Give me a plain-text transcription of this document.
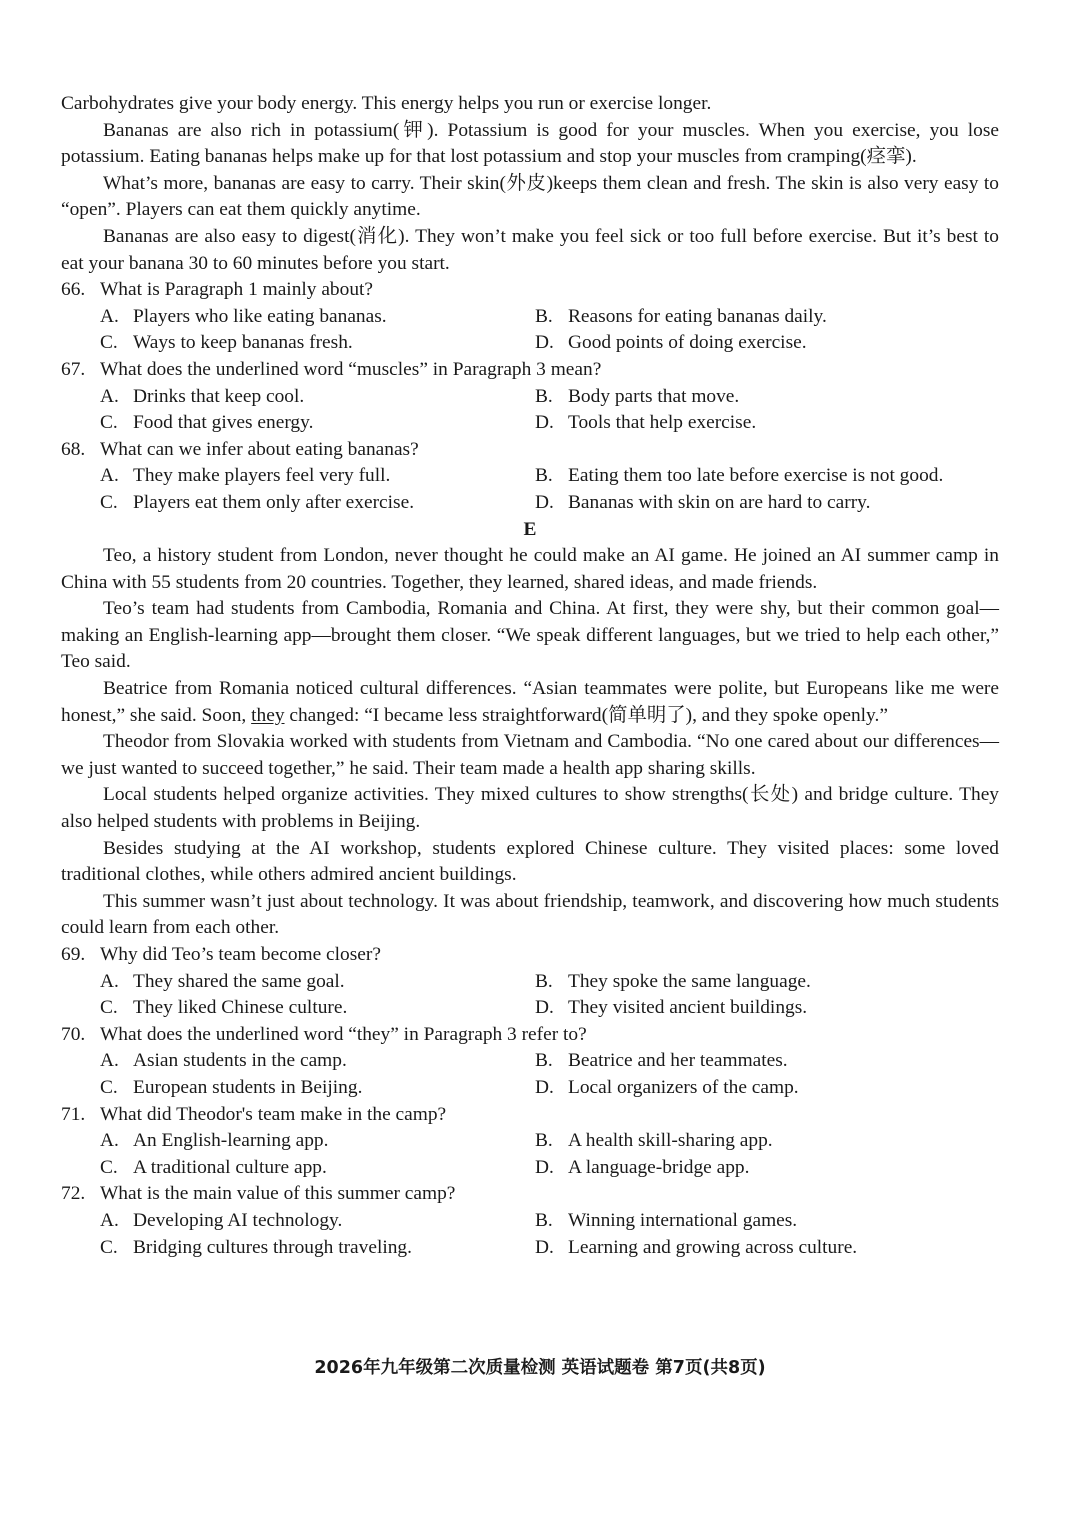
Carbohydrates give your body energy. This energy helps you run or exercise longer.

Bananas are also rich in potassium(钾). Potassium is good for your muscles. When you exercise, you lose potassium. Eating bananas helps make up for that lost potassium and stop your muscles from cramping(痉挛).

What’s more, bananas are easy to carry. Their skin(外皮)keeps them clean and fresh. The skin is also very easy to “open”. Players can eat them quickly anytime.

Bananas are also easy to digest(消化). They won’t make you feel sick or too full before exercise. But it’s best to eat your banana 30 to 60 minutes before you start.

66. What is Paragraph 1 mainly about?

A. Players who like eating bananas.	B. Reasons for eating bananas daily.
C. Ways to keep bananas fresh.	D. Good points of doing exercise.

67. What does the underlined word “muscles” in Paragraph 3 mean?

A. Drinks that keep cool.	B. Body parts that move.
C. Food that gives energy.	D. Tools that help exercise.

68. What can we infer about eating bananas?

A. They make players feel very full.	B. Eating them too late before exercise is not good.
C. Players eat them only after exercise.	D. Bananas with skin on are hard to carry.

E

Teo, a history student from London, never thought he could make an AI game. He joined an AI summer camp in China with 55 students from 20 countries. Together, they learned, shared ideas, and made friends.

Teo’s team had students from Cambodia, Romania and China. At first, they were shy, but their common goal—making an English-learning app—brought them closer. “We speak different languages, but we tried to help each other,” Teo said.

Beatrice from Romania noticed cultural differences. “Asian teammates were polite, but Europeans like me were honest,” she said. Soon, they changed: “I became less straightforward(简单明了), and they spoke openly.”

Theodor from Slovakia worked with students from Vietnam and Cambodia. “No one cared about our differences—we just wanted to succeed together,” he said. Their team made a health app sharing skills.

Local students helped organize activities. They mixed cultures to show strengths(长处) and bridge culture. They also helped students with problems in Beijing.

Besides studying at the AI workshop, students explored Chinese culture. They visited places: some loved traditional clothes, while others admired ancient buildings.

This summer wasn’t just about technology. It was about friendship, teamwork, and discovering how much students could learn from each other.

69. Why did Teo’s team become closer?

A. They shared the same goal.	B. They spoke the same language.
C. They liked Chinese culture.	D. They visited ancient buildings.

70. What does the underlined word “they” in Paragraph 3 refer to?

A. Asian students in the camp.	B. Beatrice and her teammates.
C. European students in Beijing.	D. Local organizers of the camp.

71. What did Theodor's team make in the camp?

A. An English-learning app.	B. A health skill-sharing app.
C. A traditional culture app.	D. A language-bridge app.

72. What is the main value of this summer camp?

A. Developing AI technology.	B. Winning international games.
C. Bridging cultures through traveling.	D. Learning and growing across culture.
2026年九年级第二次质量检测 英语试题卷 第7页(共8页)
